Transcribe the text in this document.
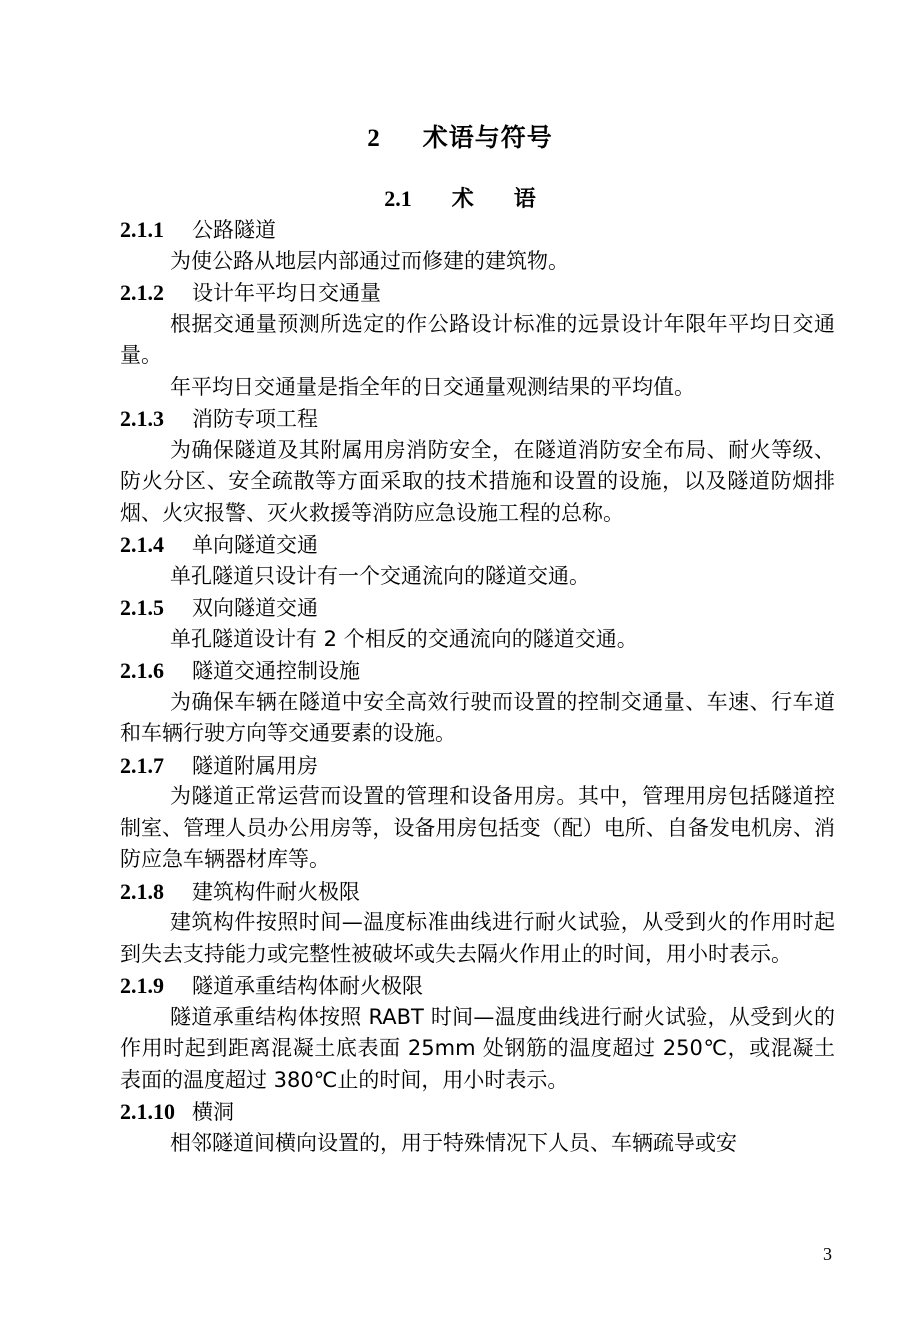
2 术语与符号
2.1 术 语
2.1.1 公路隧道

为使公路从地层内部通过而修建的建筑物。

2.1.2 设计年平均日交通量

根据交通量预测所选定的作公路设计标准的远景设计年限年平均日交通量。

年平均日交通量是指全年的日交通量观测结果的平均值。

2.1.3 消防专项工程

为确保隧道及其附属用房消防安全，在隧道消防安全布局、耐火等级、防火分区、安全疏散等方面采取的技术措施和设置的设施，以及隧道防烟排烟、火灾报警、灭火救援等消防应急设施工程的总称。

2.1.4 单向隧道交通

单孔隧道只设计有一个交通流向的隧道交通。

2.1.5 双向隧道交通

单孔隧道设计有 2 个相反的交通流向的隧道交通。

2.1.6 隧道交通控制设施

为确保车辆在隧道中安全高效行驶而设置的控制交通量、车速、行车道和车辆行驶方向等交通要素的设施。

2.1.7 隧道附属用房

为隧道正常运营而设置的管理和设备用房。其中，管理用房包括隧道控制室、管理人员办公用房等，设备用房包括变（配）电所、自备发电机房、消防应急车辆器材库等。

2.1.8 建筑构件耐火极限

建筑构件按照时间—温度标准曲线进行耐火试验，从受到火的作用时起到失去支持能力或完整性被破坏或失去隔火作用止的时间，用小时表示。

2.1.9 隧道承重结构体耐火极限

隧道承重结构体按照 RABT 时间—温度曲线进行耐火试验，从受到火的作用时起到距离混凝土底表面 25mm 处钢筋的温度超过 250℃，或混凝土表面的温度超过 380℃止的时间，用小时表示。

2.1.10 横洞

相邻隧道间横向设置的，用于特殊情况下人员、车辆疏导或安

3
